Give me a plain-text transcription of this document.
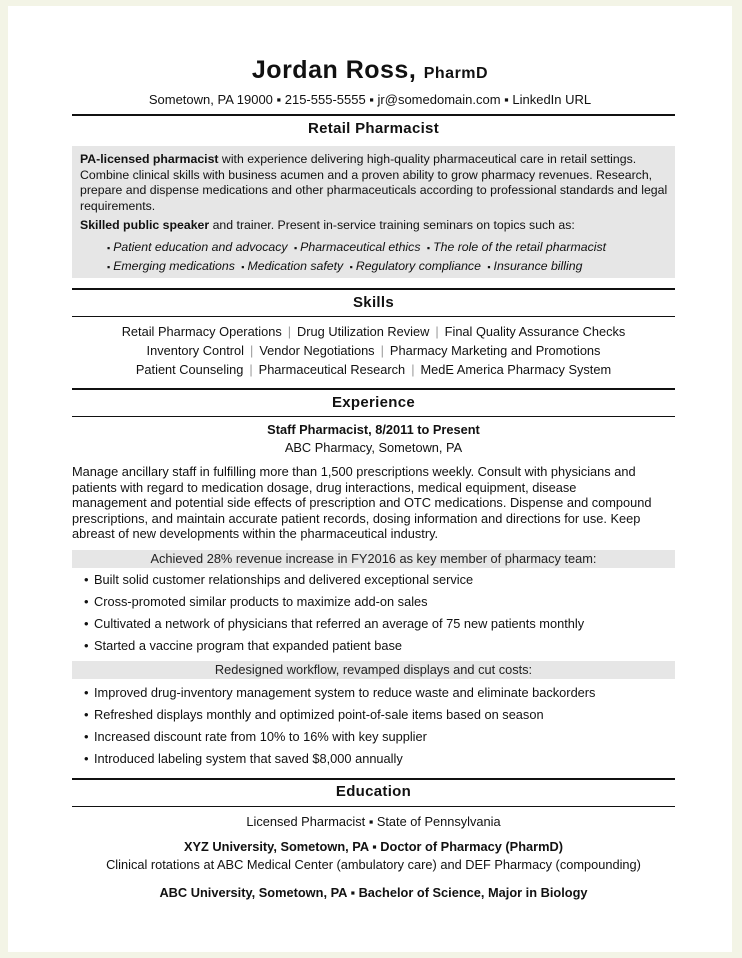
Jordan Ross, PharmD
Sometown, PA 19000 ▪ 215-555-5555 ▪ jr@somedomain.com ▪ LinkedIn URL
Retail Pharmacist

PA-licensed pharmacist with experience delivering high-quality pharmaceutical care in retail settings. Combine clinical skills with business acumen and a proven ability to grow pharmacy revenues. Research, prepare and dispense medications and other pharmaceuticals according to professional standards and legal requirements.

Skilled public speaker and trainer. Present in-service training seminars on topics such as:

▪ Patient education and advocacy ▪ Pharmaceutical ethics ▪ The role of the retail pharmacist
▪ Emerging medications ▪ Medication safety ▪ Regulatory compliance ▪ Insurance billing
Skills
Retail Pharmacy Operations | Drug Utilization Review | Final Quality Assurance Checks
Inventory Control | Vendor Negotiations | Pharmacy Marketing and Promotions
Patient Counseling | Pharmaceutical Research | MedE America Pharmacy System
Experience
Staff Pharmacist, 8/2011 to Present
ABC Pharmacy, Sometown, PA
Manage ancillary staff in fulfilling more than 1,500 prescriptions weekly. Consult with physicians and patients with regard to medication dosage, drug interactions, medical equipment, disease management and potential side effects of prescription and OTC medications. Dispense and compound prescriptions, and maintain accurate patient records, dosing information and directions for use. Keep abreast of new developments within the pharmaceutical industry.
Achieved 28% revenue increase in FY2016 as key member of pharmacy team:
• Built solid customer relationships and delivered exceptional service
• Cross-promoted similar products to maximize add-on sales
• Cultivated a network of physicians that referred an average of 75 new patients monthly
• Started a vaccine program that expanded patient base
Redesigned workflow, revamped displays and cut costs:
• Improved drug-inventory management system to reduce waste and eliminate backorders
• Refreshed displays monthly and optimized point-of-sale items based on season
• Increased discount rate from 10% to 16% with key supplier
• Introduced labeling system that saved $8,000 annually
Education
Licensed Pharmacist ▪ State of Pennsylvania
XYZ University, Sometown, PA ▪ Doctor of Pharmacy (PharmD)
Clinical rotations at ABC Medical Center (ambulatory care) and DEF Pharmacy (compounding)
ABC University, Sometown, PA ▪ Bachelor of Science, Major in Biology
